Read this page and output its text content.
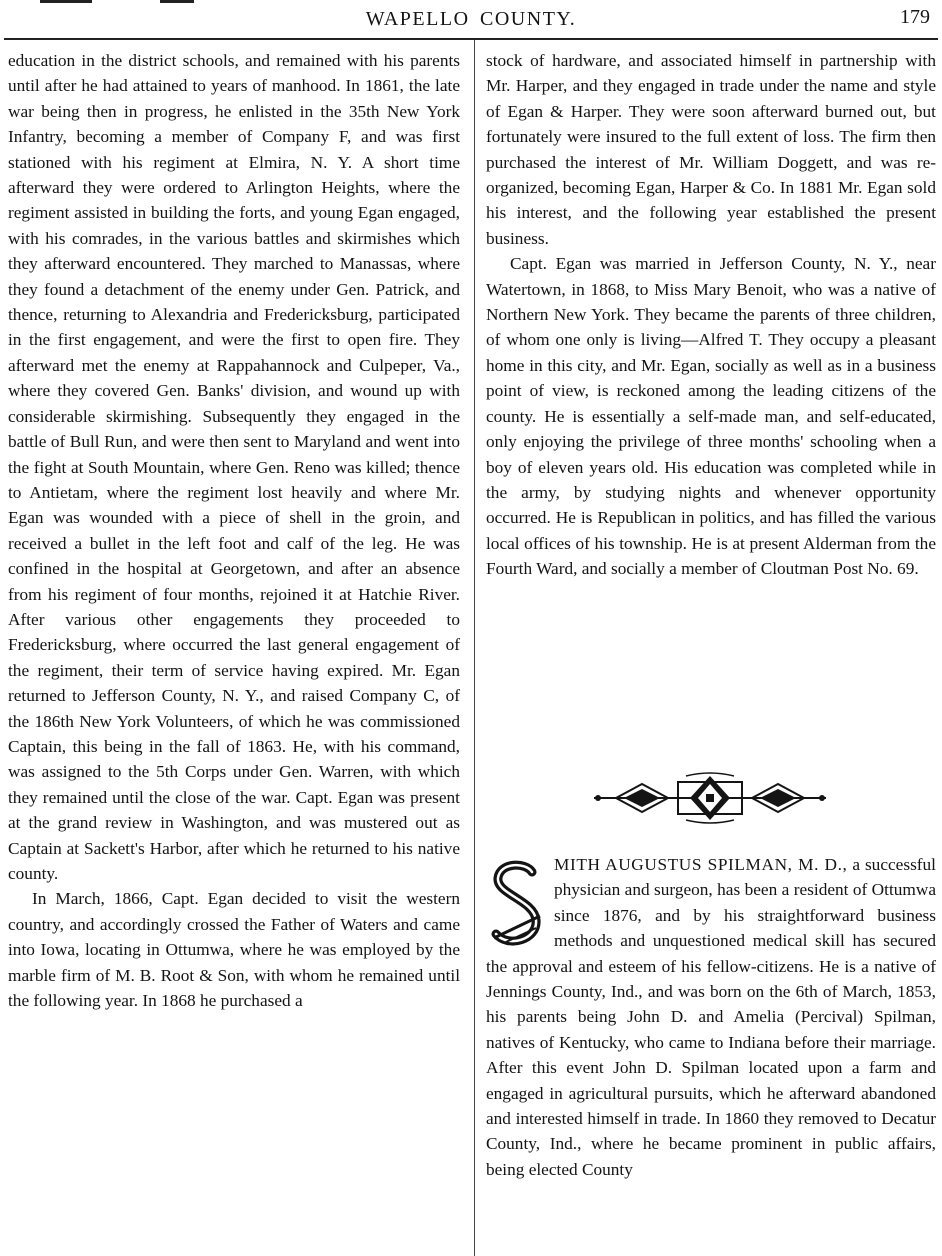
WAPELLO COUNTY.	179

education in the district schools, and remained with his parents until after he had attained to years of manhood. In 1861, the late war being then in progress, he enlisted in the 35th New York Infantry, becoming a member of Company F, and was first stationed with his regiment at Elmira, N. Y. A short time afterward they were ordered to Arlington Heights, where the regiment assisted in building the forts, and young Egan engaged, with his comrades, in the various battles and skirmishes which they afterward encountered. They marched to Manassas, where they found a detachment of the enemy under Gen. Patrick, and thence, returning to Alexandria and Fredericksburg, participated in the first engagement, and were the first to open fire. They afterward met the enemy at Rappahannock and Culpeper, Va., where they covered Gen. Banks' division, and wound up with considerable skirmishing. Subsequently they engaged in the battle of Bull Run, and were then sent to Maryland and went into the fight at South Mountain, where Gen. Reno was killed; thence to Antietam, where the regiment lost heavily and where Mr. Egan was wounded with a piece of shell in the groin, and received a bullet in the left foot and calf of the leg. He was confined in the hospital at Georgetown, and after an absence from his regiment of four months, rejoined it at Hatchie River. After various other engagements they proceeded to Fredericksburg, where occurred the last general engagement of the regiment, their term of service having expired. Mr. Egan returned to Jefferson County, N. Y., and raised Company C, of the 186th New York Volunteers, of which he was commissioned Captain, this being in the fall of 1863. He, with his command, was assigned to the 5th Corps under Gen. Warren, with which they remained until the close of the war. Capt. Egan was present at the grand review in Washington, and was mustered out as Captain at Sackett's Harbor, after which he returned to his native county.

In March, 1866, Capt. Egan decided to visit the western country, and accordingly crossed the Father of Waters and came into Iowa, locating in Ottumwa, where he was employed by the marble firm of M. B. Root & Son, with whom he remained until the following year. In 1868 he purchased a

stock of hardware, and associated himself in partnership with Mr. Harper, and they engaged in trade under the name and style of Egan & Harper. They were soon afterward burned out, but fortunately were insured to the full extent of loss. The firm then purchased the interest of Mr. William Doggett, and was re-organized, becoming Egan, Harper & Co. In 1881 Mr. Egan sold his interest, and the following year established the present business.

Capt. Egan was married in Jefferson County, N. Y., near Watertown, in 1868, to Miss Mary Benoit, who was a native of Northern New York. They became the parents of three children, of whom one only is living—Alfred T. They occupy a pleasant home in this city, and Mr. Egan, socially as well as in a business point of view, is reckoned among the leading citizens of the county. He is essentially a self-made man, and self-educated, only enjoying the privilege of three months' schooling when a boy of eleven years old. His education was completed while in the army, by studying nights and whenever opportunity occurred. He is Republican in politics, and has filled the various local offices of his township. He is at present Alderman from the Fourth Ward, and socially a member of Cloutman Post No. 69.

MITH AUGUSTUS SPILMAN, M. D., a successful physician and surgeon, has been a resident of Ottumwa since 1876, and by his straightforward business methods and unquestioned medical skill has secured the approval and esteem of his fellow-citizens. He is a native of Jennings County, Ind., and was born on the 6th of March, 1853, his parents being John D. and Amelia (Percival) Spilman, natives of Kentucky, who came to Indiana before their marriage. After this event John D. Spilman located upon a farm and engaged in agricultural pursuits, which he afterward abandoned and interested himself in trade. In 1860 they removed to Decatur County, Ind., where he became prominent in public affairs, being elected County
